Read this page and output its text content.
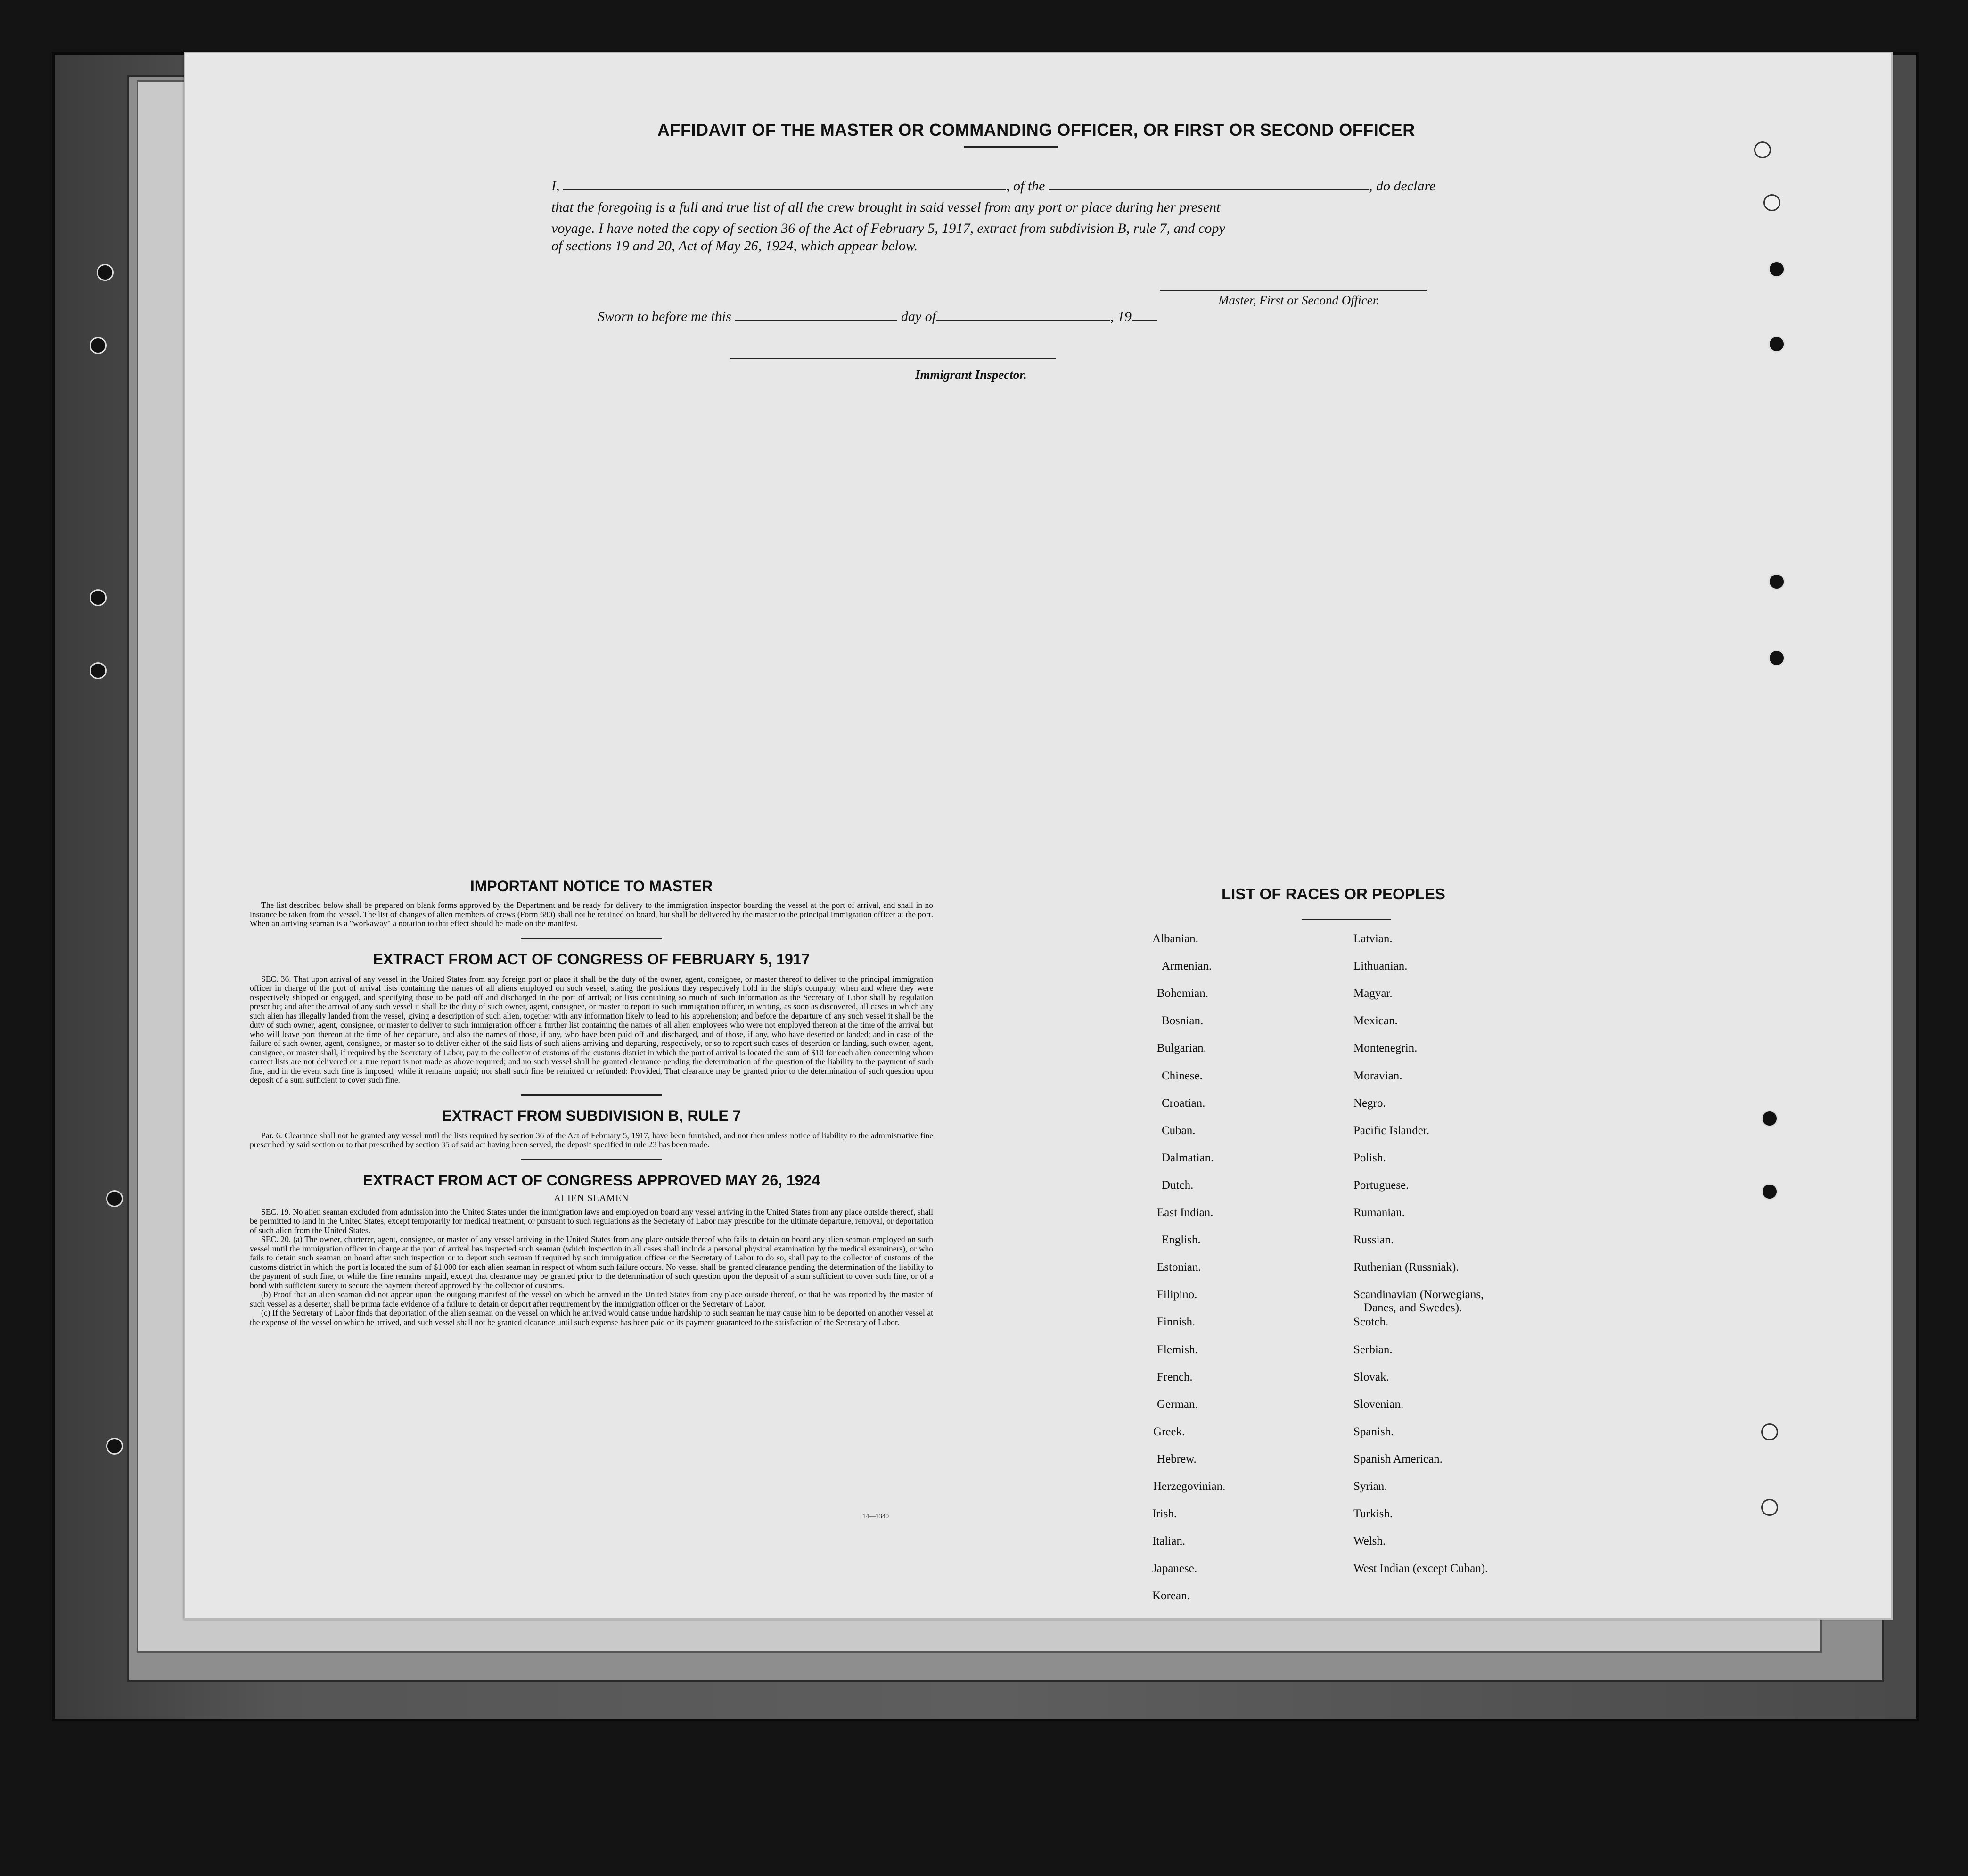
AFFIDAVIT OF THE MASTER OR COMMANDING OFFICER, OR FIRST OR SECOND OFFICER
I,	, of the	, do declare
that the foregoing is a full and true list of all the crew brought in said vessel from any port or place during her present
voyage. I have noted the copy of section 36 of the Act of February 5, 1917, extract from subdivision B, rule 7, and copy
of sections 19 and 20, Act of May 26, 1924, which appear below.
Master, First or Second Officer.
Sworn to before me this	day of	, 19
Immigrant Inspector.

IMPORTANT NOTICE TO MASTER

The list described below shall be prepared on blank forms approved by the Department and be ready for delivery to the immigration inspector boarding the vessel at the port of arrival, and shall in no instance be taken from the vessel. The list of changes of alien members of crews (Form 680) shall not be retained on board, but shall be delivered by the master to the principal immigration officer at the port. When an arriving seaman is a "workaway" a notation to that effect should be made on the manifest.

EXTRACT FROM ACT OF CONGRESS OF FEBRUARY 5, 1917

SEC. 36. That upon arrival of any vessel in the United States from any foreign port or place it shall be the duty of the owner, agent, consignee, or master thereof to deliver to the principal immigration officer in charge of the port of arrival lists containing the names of all aliens employed on such vessel, stating the positions they respectively hold in the ship's company, when and where they were respectively shipped or engaged, and specifying those to be paid off and discharged in the port of arrival; or lists containing so much of such information as the Secretary of Labor shall by regulation prescribe; and after the arrival of any such vessel it shall be the duty of such owner, agent, consignee, or master to report to such immigration officer, in writing, as soon as discovered, all cases in which any such alien has illegally landed from the vessel, giving a description of such alien, together with any information likely to lead to his apprehension; and before the departure of any such vessel it shall be the duty of such owner, agent, consignee, or master to deliver to such immigration officer a further list containing the names of all alien employees who were not employed thereon at the time of the arrival but who will leave port thereon at the time of her departure, and also the names of those, if any, who have been paid off and discharged, and of those, if any, who have deserted or landed; and in case of the failure of such owner, agent, consignee, or master so to deliver either of the said lists of such aliens arriving and departing, respectively, or so to report such cases of desertion or landing, such owner, agent, consignee, or master shall, if required by the Secretary of Labor, pay to the collector of customs of the customs district in which the port of arrival is located the sum of $10 for each alien concerning whom correct lists are not delivered or a true report is not made as above required; and no such vessel shall be granted clearance pending the determination of the question of the liability to the payment of such fine, and in the event such fine is imposed, while it remains unpaid; nor shall such fine be remitted or refunded: Provided, That clearance may be granted prior to the determination of such question upon deposit of a sum sufficient to cover such fine.

EXTRACT FROM SUBDIVISION B, RULE 7

Par. 6. Clearance shall not be granted any vessel until the lists required by section 36 of the Act of February 5, 1917, have been furnished, and not then unless notice of liability to the administrative fine prescribed by said section or to that prescribed by section 35 of said act having been served, the deposit specified in rule 23 has been made.

EXTRACT FROM ACT OF CONGRESS APPROVED MAY 26, 1924

ALIEN SEAMEN

SEC. 19. No alien seaman excluded from admission into the United States under the immigration laws and employed on board any vessel arriving in the United States from any place outside thereof, shall be permitted to land in the United States, except temporarily for medical treatment, or pursuant to such regulations as the Secretary of Labor may prescribe for the ultimate departure, removal, or deportation of such alien from the United States.

SEC. 20. (a) The owner, charterer, agent, consignee, or master of any vessel arriving in the United States from any place outside thereof who fails to detain on board any alien seaman employed on such vessel until the immigration officer in charge at the port of arrival has inspected such seaman (which inspection in all cases shall include a personal physical examination by the medical examiners), or who fails to detain such seaman on board after such inspection or to deport such seaman if required by such immigration officer or the Secretary of Labor to do so, shall pay to the collector of customs of the customs district in which the port is located the sum of $1,000 for each alien seaman in respect of whom such failure occurs. No vessel shall be granted clearance pending the determination of the liability to the payment of such fine, or while the fine remains unpaid, except that clearance may be granted prior to the determination of such question upon the deposit of a sum sufficient to cover such fine, or of a bond with sufficient surety to secure the payment thereof approved by the collector of customs.

(b) Proof that an alien seaman did not appear upon the outgoing manifest of the vessel on which he arrived in the United States from any place outside thereof, or that he was reported by the master of such vessel as a deserter, shall be prima facie evidence of a failure to detain or deport after requirement by the immigration officer or the Secretary of Labor.

(c) If the Secretary of Labor finds that deportation of the alien seaman on the vessel on which he arrived would cause undue hardship to such seaman he may cause him to be deported on another vessel at the expense of the vessel on which he arrived, and such vessel shall not be granted clearance until such expense has been paid or its payment guaranteed to the satisfaction of the Secretary of Labor.

14—1340
LIST OF RACES OR PEOPLES
Albanian.
Armenian.
Bohemian.
Bosnian.
Bulgarian.
Chinese.
Croatian.
Cuban.
Dalmatian.
Dutch.
East Indian.
English.
Estonian.
Filipino.
Finnish.
Flemish.
French.
German.
Greek.
Hebrew.
Herzegovinian.
Irish.
Italian.
Japanese.
Korean.
Latvian.
Lithuanian.
Magyar.
Mexican.
Montenegrin.
Moravian.
Negro.
Pacific Islander.
Polish.
Portuguese.
Rumanian.
Russian.
Ruthenian (Russniak).
Scandinavian (Norwegians,
Danes, and Swedes).
Scotch.
Serbian.
Slovak.
Slovenian.
Spanish.
Spanish American.
Syrian.
Turkish.
Welsh.
West Indian (except Cuban).
